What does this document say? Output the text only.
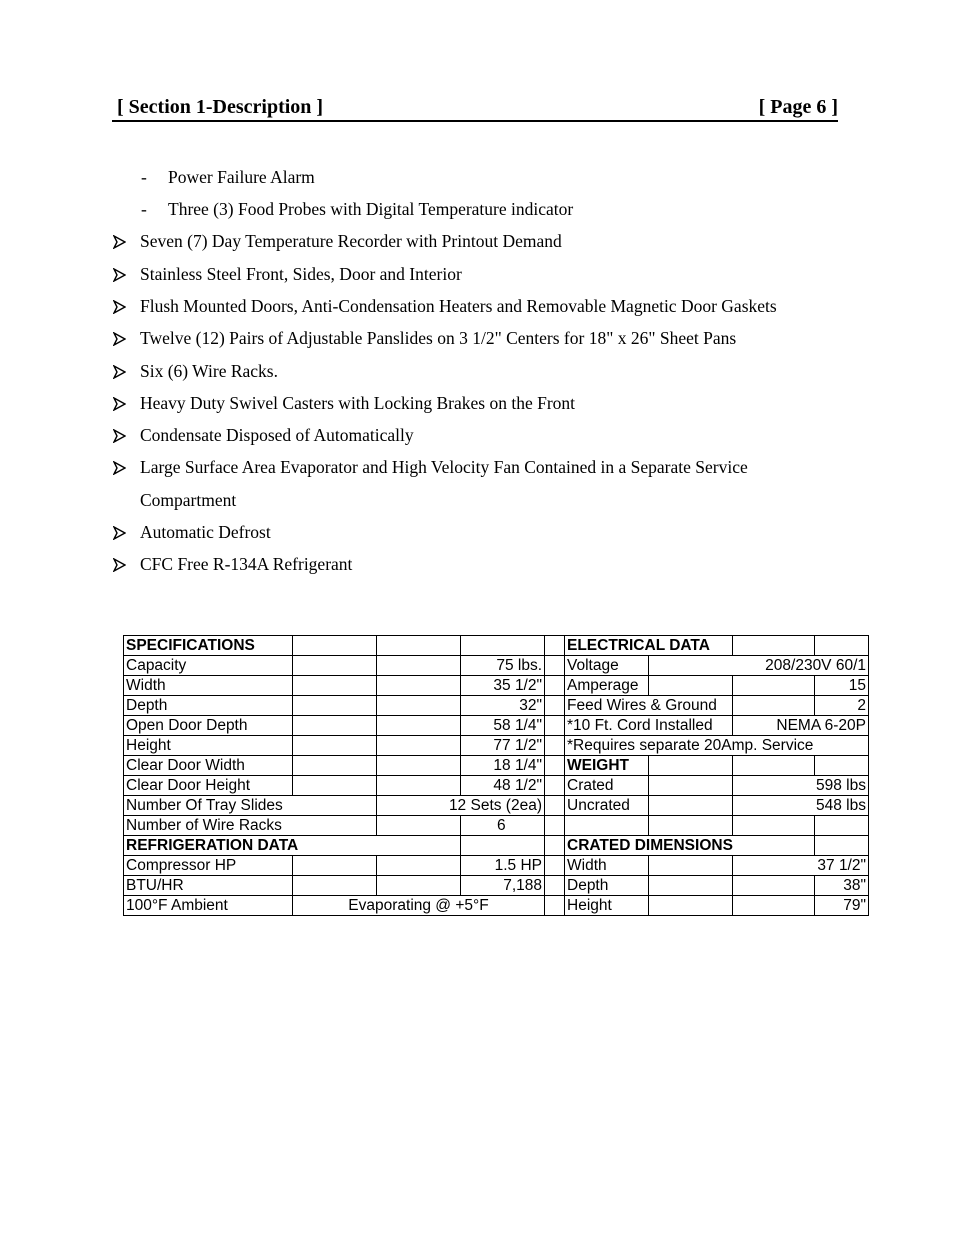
[ Section 1-Description ]	[ Page 6 ]
- Power Failure Alarm
- Three (3) Food Probes with Digital Temperature indicator
Seven (7) Day Temperature Recorder with Printout Demand
Stainless Steel Front, Sides, Door and Interior
Flush Mounted Doors, Anti-Condensation Heaters and Removable Magnetic Door Gaskets
Twelve (12) Pairs of Adjustable Panslides on 3 1/2" Centers for 18" x 26" Sheet Pans
Six (6) Wire Racks.
Heavy Duty Swivel Casters with Locking Brakes on the Front
Condensate Disposed of Automatically
Large Surface Area Evaporator and High Velocity Fan Contained in a Separate Service
Compartment
Automatic Defrost
CFC Free R-134A Refrigerant
SPECIFICATIONS					ELECTRICAL DATA			
Capacity			75 lbs.		Voltage	208/230V 60/1		
Width			35 1/2"		Amperage			15
Depth			32"		Feed Wires & Ground			2
Open Door Depth			58 1/4"		*10 Ft. Cord Installed		NEMA 6-20P	
Height			77 1/2"		*Requires separate 20Amp. Service			
Clear Door Width			18 1/4"		WEIGHT			
Clear Door Height			48 1/2"		Crated		598 lbs	
Number Of Tray Slides		12 Sets (2ea)			Uncrated		548 lbs	
Number of Wire Racks			6					
REFRIGERATION DATA					CRATED DIMENSIONS			
Compressor HP			1.5 HP		Width		37 1/2"	
BTU/HR			7,188		Depth			38"
100°F Ambient	Evaporating @ +5°F				Height			79"
